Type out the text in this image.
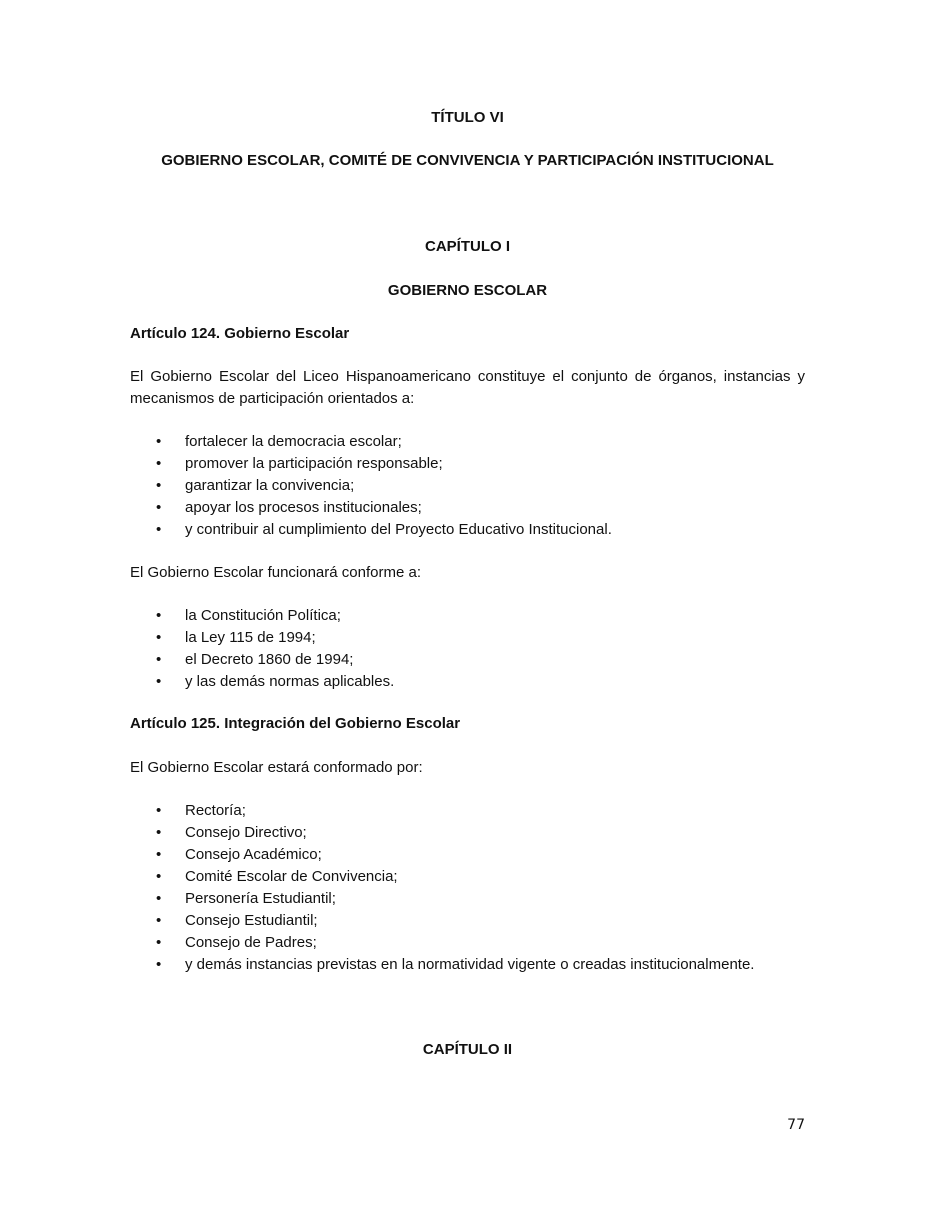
TÍTULO VI
GOBIERNO ESCOLAR, COMITÉ DE CONVIVENCIA Y PARTICIPACIÓN INSTITUCIONAL
CAPÍTULO I
GOBIERNO ESCOLAR
Artículo 124. Gobierno Escolar
El Gobierno Escolar del Liceo Hispanoamericano constituye el conjunto de órganos, instancias y mecanismos de participación orientados a:
• fortalecer la democracia escolar;
• promover la participación responsable;
• garantizar la convivencia;
• apoyar los procesos institucionales;
• y contribuir al cumplimiento del Proyecto Educativo Institucional.
El Gobierno Escolar funcionará conforme a:
• la Constitución Política;
• la Ley 115 de 1994;
• el Decreto 1860 de 1994;
• y las demás normas aplicables.
Artículo 125. Integración del Gobierno Escolar
El Gobierno Escolar estará conformado por:
• Rectoría;
• Consejo Directivo;
• Consejo Académico;
• Comité Escolar de Convivencia;
• Personería Estudiantil;
• Consejo Estudiantil;
• Consejo de Padres;
• y demás instancias previstas en la normatividad vigente o creadas institucionalmente.
CAPÍTULO II
77
